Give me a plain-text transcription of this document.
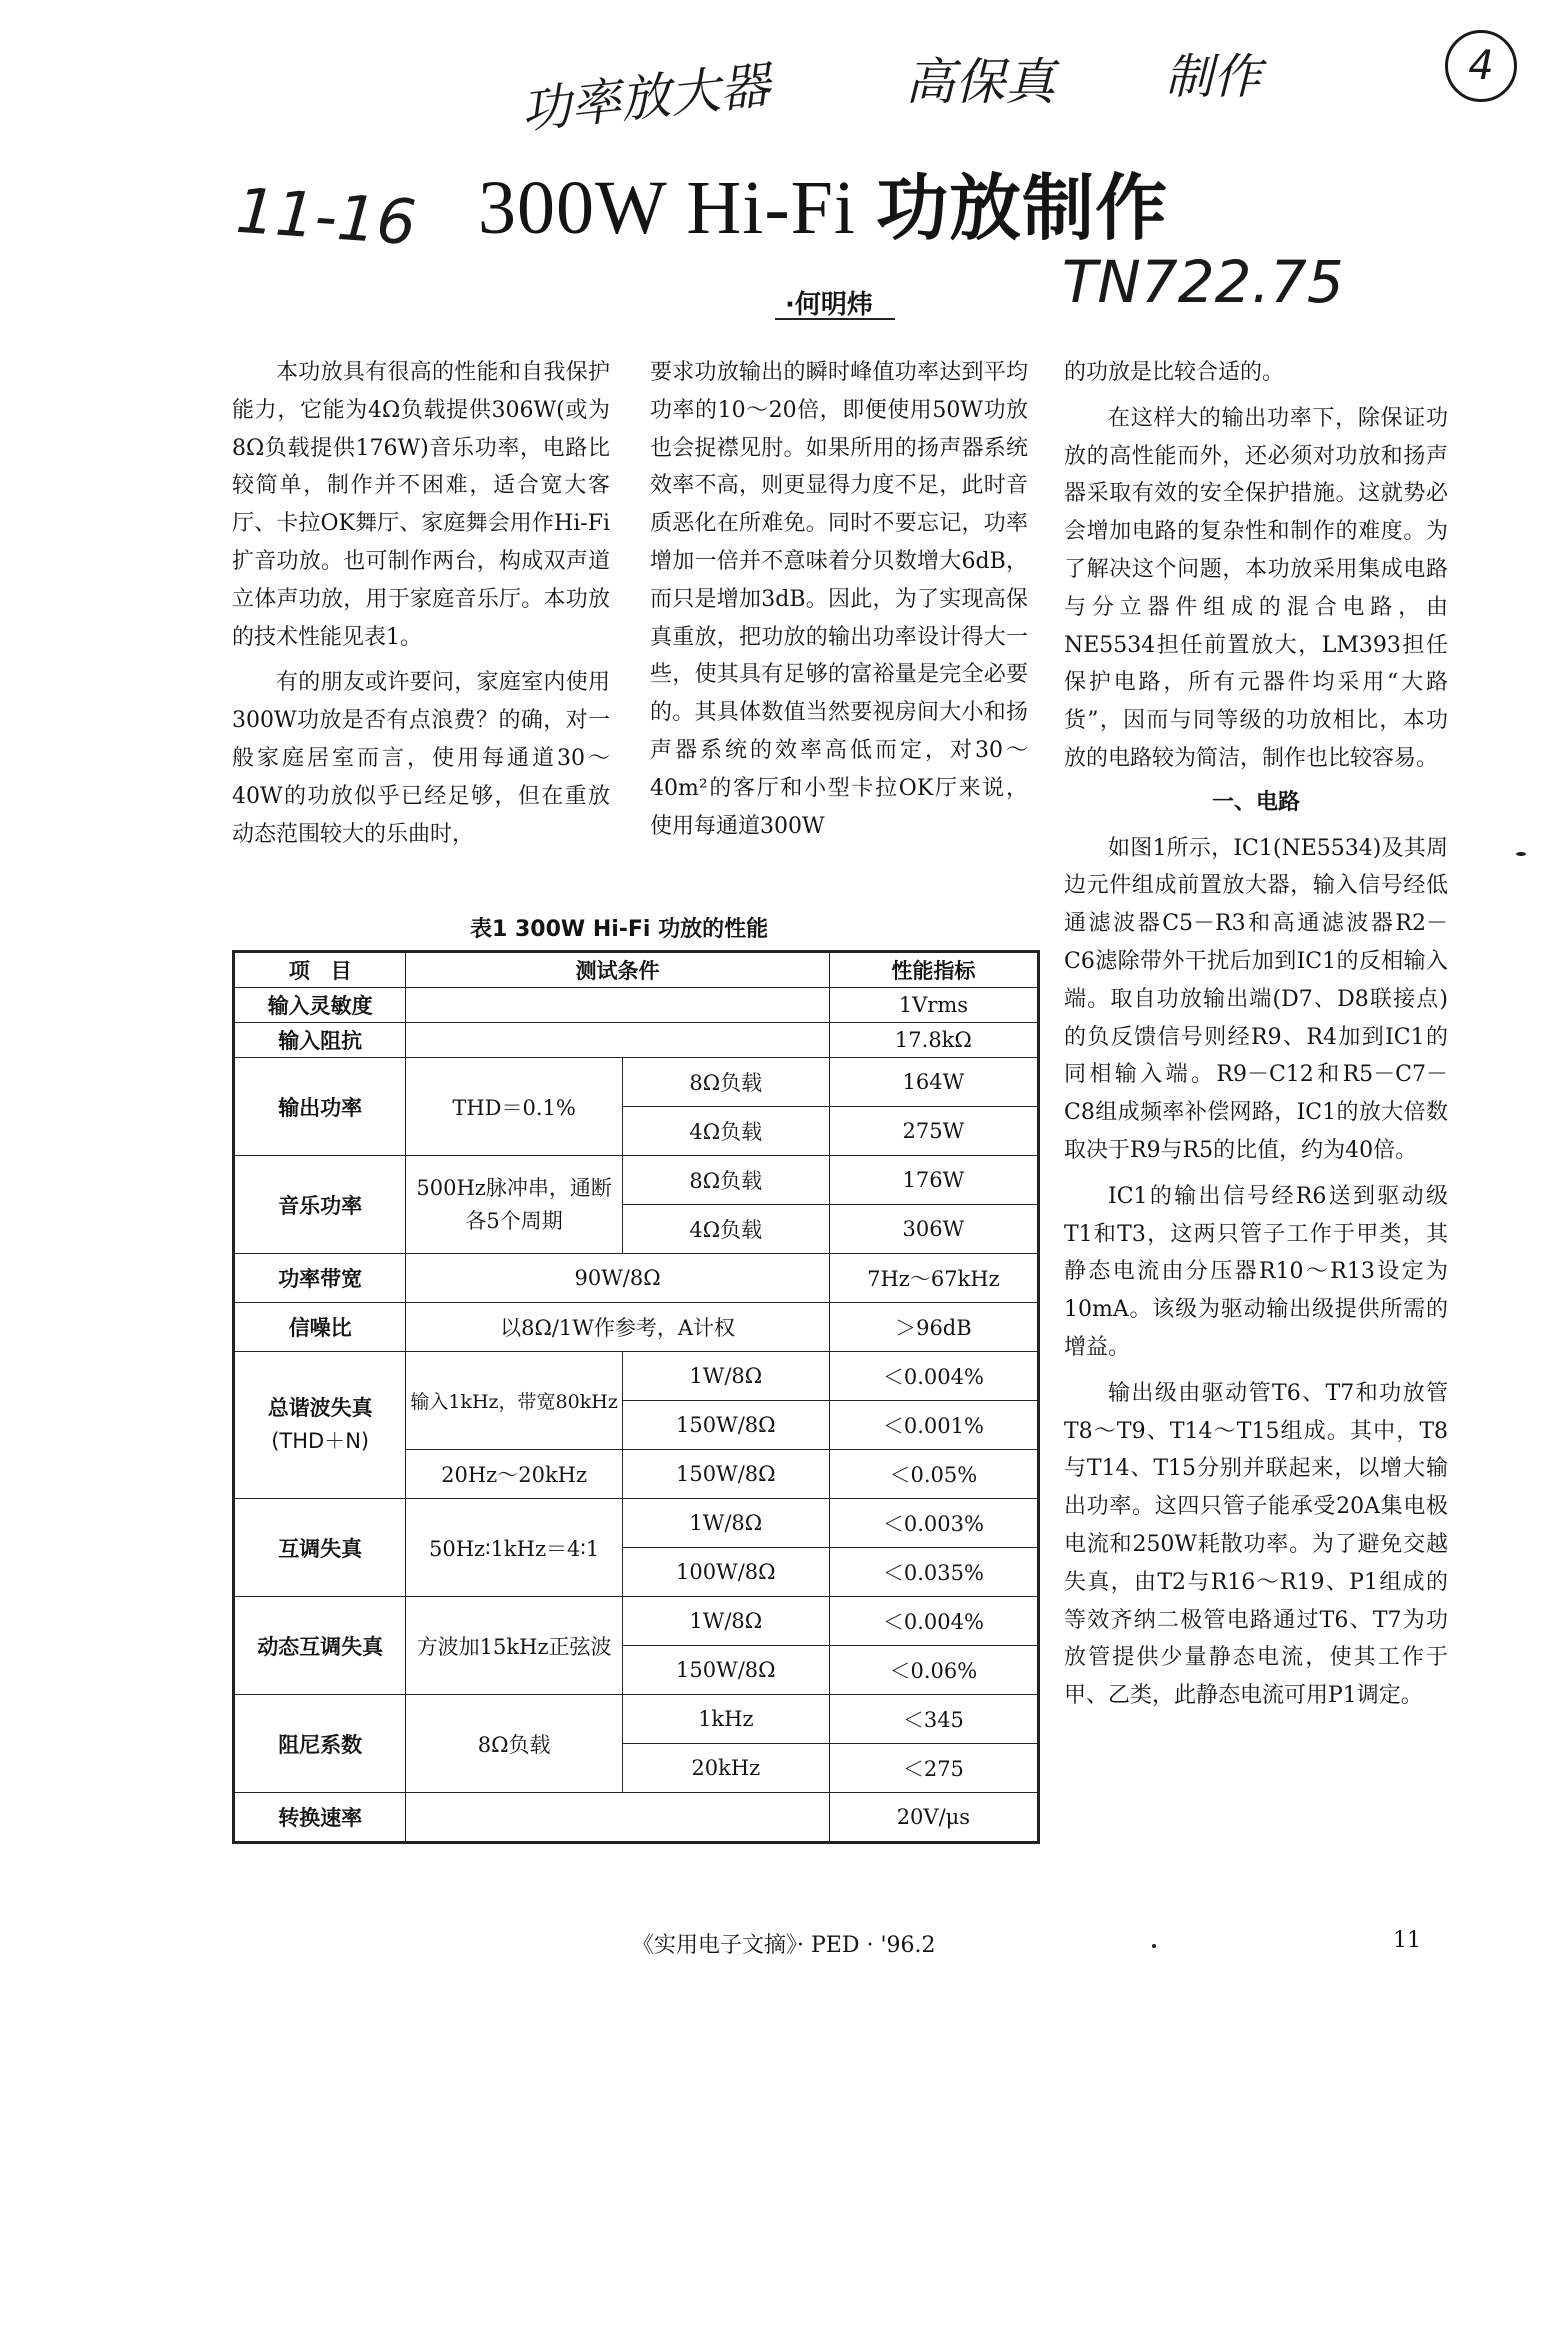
功率放大器	高保真 制作	4
11-16
TN722.75
300W Hi-Fi 功放制作
·何明炜

本功放具有很高的性能和自我保护能力，它能为4Ω负载提供306W(或为8Ω负载提供176W)音乐功率，电路比较简单，制作并不困难，适合宽大客厅、卡拉OK舞厅、家庭舞会用作Hi-Fi扩音功放。也可制作两台，构成双声道立体声功放，用于家庭音乐厅。本功放的技术性能见表1。

有的朋友或许要问，家庭室内使用300W功放是否有点浪费？的确，对一般家庭居室而言，使用每通道30～40W的功放似乎已经足够，但在重放动态范围较大的乐曲时，

要求功放输出的瞬时峰值功率达到平均功率的10～20倍，即便使用50W功放也会捉襟见肘。如果所用的扬声器系统效率不高，则更显得力度不足，此时音质恶化在所难免。同时不要忘记，功率增加一倍并不意味着分贝数增大6dB，而只是增加3dB。因此，为了实现高保真重放，把功放的输出功率设计得大一些，使其具有足够的富裕量是完全必要的。其具体数值当然要视房间大小和扬声器系统的效率高低而定，对30～40m²的客厅和小型卡拉OK厅来说，使用每通道300W

的功放是比较合适的。

在这样大的输出功率下，除保证功放的高性能而外，还必须对功放和扬声器采取有效的安全保护措施。这就势必会增加电路的复杂性和制作的难度。为了解决这个问题，本功放采用集成电路与分立器件组成的混合电路，由NE5534担任前置放大，LM393担任保护电路，所有元器件均采用“大路货”，因而与同等级的功放相比，本功放的电路较为简洁，制作也比较容易。

一、电路

如图1所示，IC1(NE5534)及其周边元件组成前置放大器，输入信号经低通滤波器C5－R3和高通滤波器R2－C6滤除带外干扰后加到IC1的反相输入端。取自功放输出端(D7、D8联接点)的负反馈信号则经R9、R4加到IC1的同相输入端。R9－C12和R5－C7－C8组成频率补偿网路，IC1的放大倍数取决于R9与R5的比值，约为40倍。

IC1的输出信号经R6送到驱动级T1和T3，这两只管子工作于甲类，其静态电流由分压器R10～R13设定为10mA。该级为驱动输出级提供所需的增益。

输出级由驱动管T6、T7和功放管T8～T9、T14～T15组成。其中，T8与T14、T15分别并联起来，以增大输出功率。这四只管子能承受20A集电极电流和250W耗散功率。为了避免交越失真，由T2与R16～R19、P1组成的等效齐纳二极管电路通过T6、T7为功放管提供少量静态电流，使其工作于甲、乙类，此静态电流可用P1调定。

表1 300W Hi-Fi 功放的性能
项　目	测试条件		性能指标
输入灵敏度			1Vrms
输入阻抗			17.8kΩ
输出功率	THD＝0.1%	8Ω负载	164W
		4Ω负载	275W
音乐功率	500Hz脉冲串，通断各5个周期	8Ω负载	176W
		4Ω负载	306W
功率带宽	90W/8Ω		7Hz～67kHz
信噪比	以8Ω/1W作参考，A计权		＞96dB
总谐波失真
(THD＋N)	输入1kHz，带宽80kHz	1W/8Ω	＜0.004%
		150W/8Ω	＜0.001%
	20Hz～20kHz	150W/8Ω	＜0.05%
互调失真	50Hz∶1kHz＝4∶1	1W/8Ω	＜0.003%
		100W/8Ω	＜0.035%
动态互调失真	方波加15kHz正弦波	1W/8Ω	＜0.004%
		150W/8Ω	＜0.06%
阻尼系数	8Ω负载	1kHz	＜345
		20kHz	＜275
转换速率			20V/μs
《实用电子文摘》· PED · '96.2	11
